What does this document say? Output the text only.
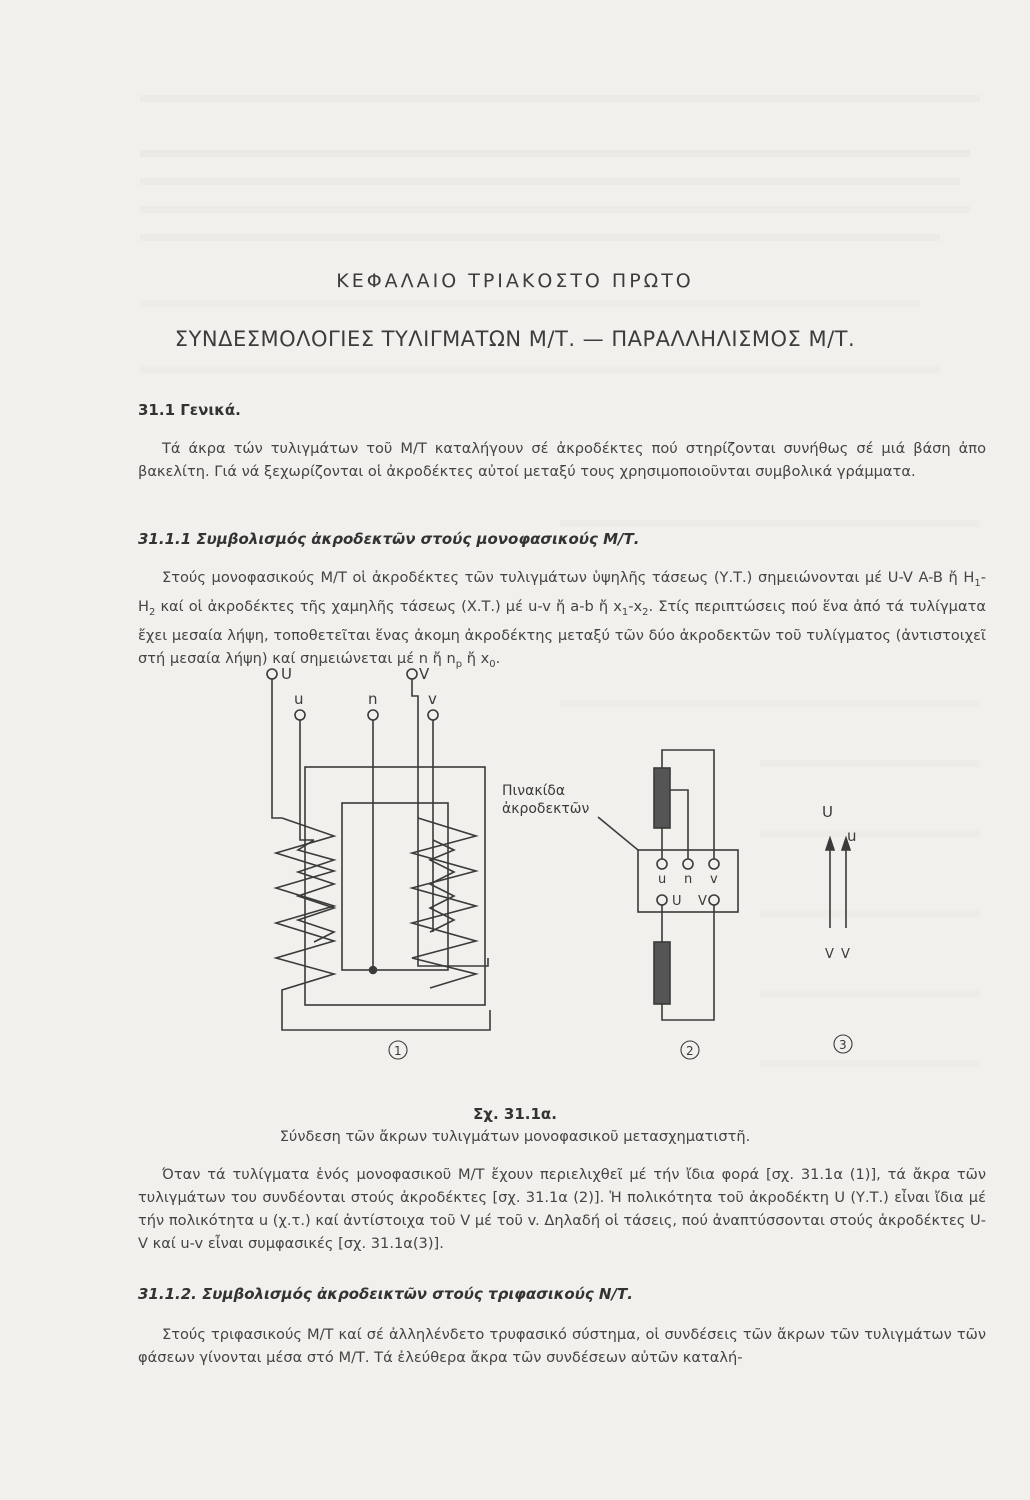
ΚΕΦΑΛΑΙΟ ΤΡΙΑΚΟΣΤΟ ΠΡΩΤΟ
ΣΥΝΔΕΣΜΟΛΟΓΙΕΣ ΤΥΛΙΓΜΑΤΩΝ Μ/Τ. — ΠΑΡΑΛΛΗΛΙΣΜΟΣ Μ/Τ.
31.1 Γενικά.

Τά άκρα τών τυλιγμάτων τοῦ Μ/Τ καταλήγουν σέ ἀκροδέκτες πού στηρίζονται συνήθως σέ μιά βάση ἀπο βακελίτη. Γιά νά ξεχωρίζονται οἱ ἀκροδέκτες αὐτοί μεταξύ τους χρησιμοποιοῦνται συμβολικά γράμματα.

31.1.1 Συμβολισμός ἀκροδεκτῶν στούς μονοφασικούς Μ/Τ.

Στούς μονοφασικούς Μ/Τ οἱ ἀκροδέκτες τῶν τυλιγμάτων ὑψηλῆς τάσεως (Υ.Τ.) σημειώνονται μέ U-V A-B ἤ $H_1-H_2$ καί οἱ ἀκροδέκτες τῆς χαμηλῆς τάσεως (Χ.Τ.) μέ u-v ἤ a-b ἤ $x_1-x_2$. Στίς περιπτώσεις πού ἕνα ἀπό τά τυλίγματα ἔχει μεσαία λήψη, τοποθετεῖται ἕνας ἀκομη ἀκροδέκτης μεταξύ τῶν δύο ἀκροδεκτῶν τοῦ τυλίγματος (ἀντιστοιχεῖ στή μεσαία λήψη) καί σημειώνεται μέ n ἤ $n_p$ ἤ $x_0$.

U	V
u	n	v
Πινακίδα
ἀκροδεκτῶν
u n v
U V
U
u
V V
1	2	3
Σχ. 31.1α.
Σύνδεση τῶν ἄκρων τυλιγμάτων μονοφασικοῦ μετασχηματιστῆ.

Όταν τά τυλίγματα ἑνός μονοφασικοῦ Μ/Τ ἔχουν περιελιχθεῖ μέ τήν ἴδια φορά [σχ. 31.1α (1)], τά ἄκρα τῶν τυλιγμάτων του συνδέονται στούς ἀκροδέκτες [σχ. 31.1α (2)]. Ἡ πολικότητα τοῦ ἀκροδέκτη U (Υ.Τ.) εἶναι ἴδια μέ τήν πολικότητα u (χ.τ.) καί ἀντίστοιχα τοῦ V μέ τοῦ v. Δηλαδή οἱ τάσεις, πού ἀναπτύσσονται στούς ἀκροδέκτες U-V καί u-v εἶναι συμφασικές [σχ. 31.1α(3)].

31.1.2. Συμβολισμός ἀκροδεικτῶν στούς τριφασικούς Ν/Τ.

Στούς τριφασικούς Μ/Τ καί σέ ἀλληλένδετο τρυφασικό σύστημα, οἱ συνδέσεις τῶν ἄκρων τῶν τυλιγμάτων τῶν φάσεων γίνονται μέσα στό Μ/Τ. Τά ἐλεύθερα ἄκρα τῶν συνδέσεων αὐτῶν καταλή-
